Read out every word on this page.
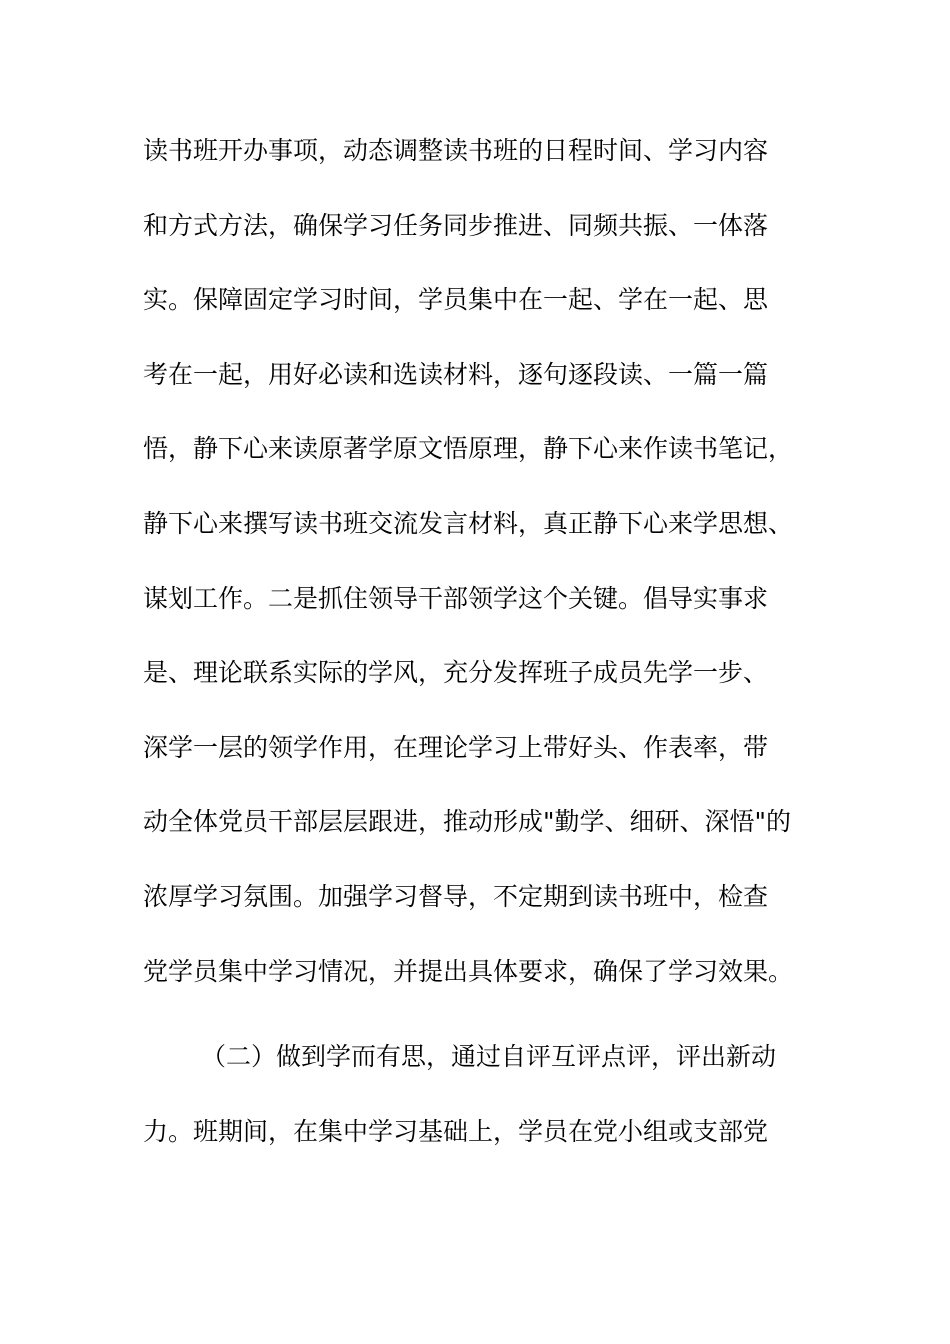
读书班开办事项，动态调整读书班的日程时间、学习内容
和方式方法，确保学习任务同步推进、同频共振、一体落
实。保障固定学习时间，学员集中在一起、学在一起、思
考在一起，用好必读和选读材料，逐句逐段读、一篇一篇
悟，静下心来读原著学原文悟原理，静下心来作读书笔记，
静下心来撰写读书班交流发言材料，真正静下心来学思想、
谋划工作。二是抓住领导干部领学这个关键。倡导实事求
是、理论联系实际的学风，充分发挥班子成员先学一步、
深学一层的领学作用，在理论学习上带好头、作表率，带
动全体党员干部层层跟进，推动形成"勤学、细研、深悟"的
浓厚学习氛围。加强学习督导，不定期到读书班中，检查
党学员集中学习情况，并提出具体要求，确保了学习效果。
（二）做到学而有思，通过自评互评点评，评出新动
力。班期间，在集中学习基础上，学员在党小组或支部党
